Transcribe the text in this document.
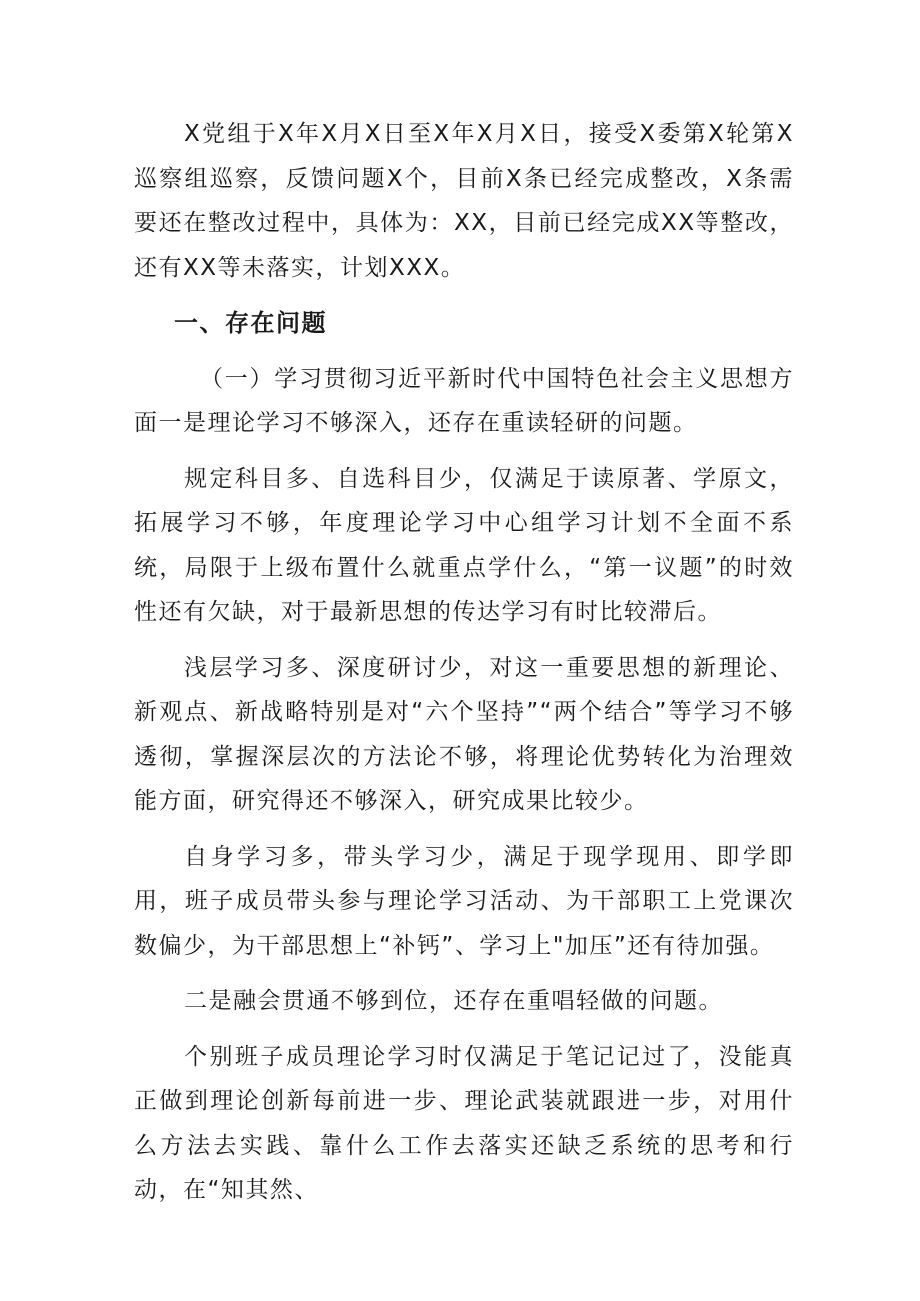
X党组于X年X月X日至X年X月X日，接受X委第X轮第X巡察组巡察，反馈问题X个，目前X条已经完成整改，X条需要还在整改过程中，具体为：XX，目前已经完成XX等整改，还有XX等未落实，计划XXX。

一、存在问题

（一）学习贯彻习近平新时代中国特色社会主义思想方面一是理论学习不够深入，还存在重读轻研的问题。

规定科目多、自选科目少，仅满足于读原著、学原文，拓展学习不够，年度理论学习中心组学习计划不全面不系统，局限于上级布置什么就重点学什么，“第一议题”的时效性还有欠缺，对于最新思想的传达学习有时比较滞后。

浅层学习多、深度研讨少，对这一重要思想的新理论、新观点、新战略特别是对“六个坚持”“两个结合”等学习不够透彻，掌握深层次的方法论不够，将理论优势转化为治理效能方面，研究得还不够深入，研究成果比较少。

自身学习多，带头学习少，满足于现学现用、即学即用，班子成员带头参与理论学习活动、为干部职工上党课次数偏少，为干部思想上“补钙”、学习上"加压”还有待加强。

二是融会贯通不够到位，还存在重唱轻做的问题。

个别班子成员理论学习时仅满足于笔记记过了，没能真正做到理论创新每前进一步、理论武装就跟进一步，对用什么方法去实践、靠什么工作去落实还缺乏系统的思考和行动，在“知其然、
